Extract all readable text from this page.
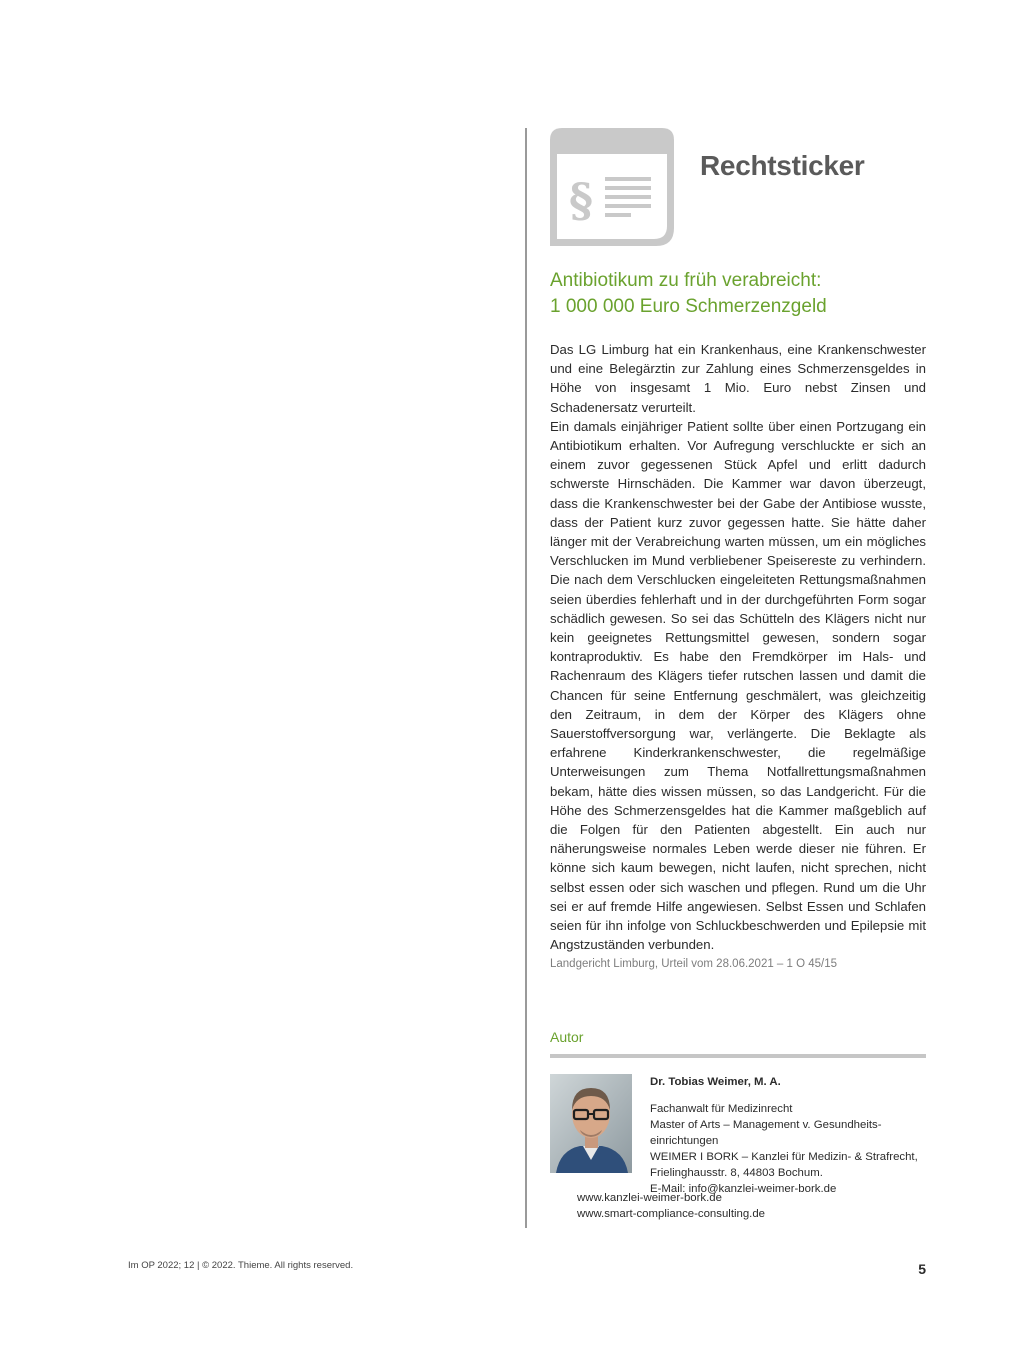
§
Rechtsticker
Antibiotikum zu früh verabreicht:
1 000 000 Euro Schmerzenzgeld

Das LG Limburg hat ein Krankenhaus, eine Krankenschwester und eine Belegärztin zur Zahlung eines Schmerzensgeldes in Höhe von insgesamt 1 Mio. Euro nebst Zinsen und Schadenersatz verurteilt.

Ein damals einjähriger Patient sollte über einen Portzugang ein Antibiotikum erhalten. Vor Aufregung verschluckte er sich an einem zuvor gegessenen Stück Apfel und erlitt dadurch schwerste Hirnschäden. Die Kammer war davon überzeugt, dass die Krankenschwester bei der Gabe der Antibiose wusste, dass der Patient kurz zuvor gegessen hatte. Sie hätte daher länger mit der Verabreichung warten müssen, um ein mögliches Verschlucken im Mund verbliebener Speisereste zu verhindern. Die nach dem Verschlucken eingeleiteten Rettungsmaßnahmen seien überdies fehlerhaft und in der durchgeführten Form sogar schädlich gewesen. So sei das Schütteln des Klägers nicht nur kein geeignetes Rettungsmittel gewesen, sondern sogar kontraproduktiv. Es habe den Fremdkörper im Hals- und Rachenraum des Klägers tiefer rutschen lassen und damit die Chancen für seine Entfernung geschmälert, was gleichzeitig den Zeitraum, in dem der Körper des Klägers ohne Sauerstoffversorgung war, verlängerte. Die Beklagte als erfahrene Kinderkrankenschwester, die regelmäßige Unterweisungen zum Thema Notfallrettungsmaßnahmen bekam, hätte dies wissen müssen, so das Landgericht. Für die Höhe des Schmerzensgeldes hat die Kammer maßgeblich auf die Folgen für den Patienten abgestellt. Ein auch nur näherungsweise normales Leben werde dieser nie führen. Er könne sich kaum bewegen, nicht laufen, nicht sprechen, nicht selbst essen oder sich waschen und pflegen. Rund um die Uhr sei er auf fremde Hilfe angewiesen. Selbst Essen und Schlafen seien für ihn infolge von Schluckbeschwerden und Epilepsie mit Angstzuständen verbunden.

Landgericht Limburg, Urteil vom 28.06.2021 – 1 O 45/15
Autor
Dr. Tobias Weimer, M. A.
Fachanwalt für Medizinrecht
Master of Arts – Management v. Gesundheits-
einrichtungen
WEIMER I BORK – Kanzlei für Medizin- & Strafrecht,
Frielinghausstr. 8, 44803 Bochum.
E-Mail: info@kanzlei-weimer-bork.de
www.kanzlei-weimer-bork.de
www.smart-compliance-consulting.de
Im OP 2022; 12 | © 2022. Thieme. All rights reserved.	5
